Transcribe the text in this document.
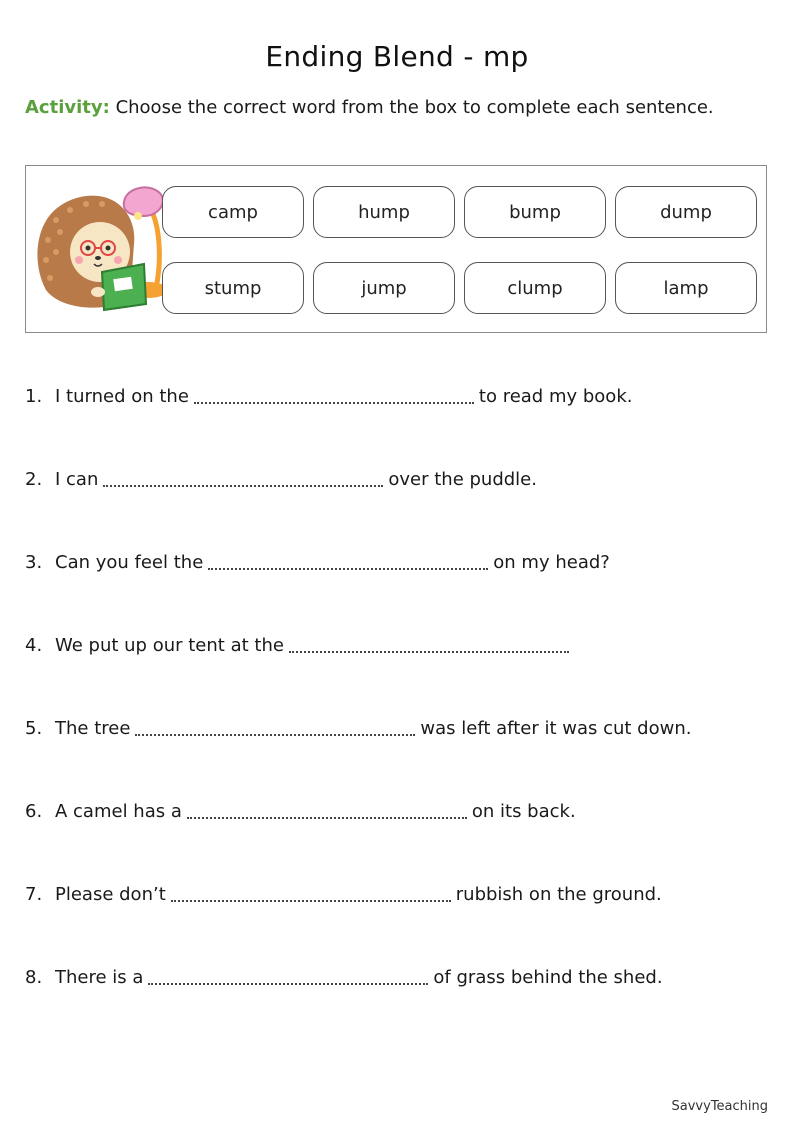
Ending Blend - mp
Activity: Choose the correct word from the box to complete each sentence.
camp	hump	bump	dump
stump	jump	clump	lamp
1. I turned on the	to read my book.
2. I can	over the puddle.
3. Can you feel the	on my head?
4. We put up our tent at the
5. The tree	was left after it was cut down.
6. A camel has a	on its back.
7. Please don’t	rubbish on the ground.
8. There is a	of grass behind the shed.
SavvyTeaching
